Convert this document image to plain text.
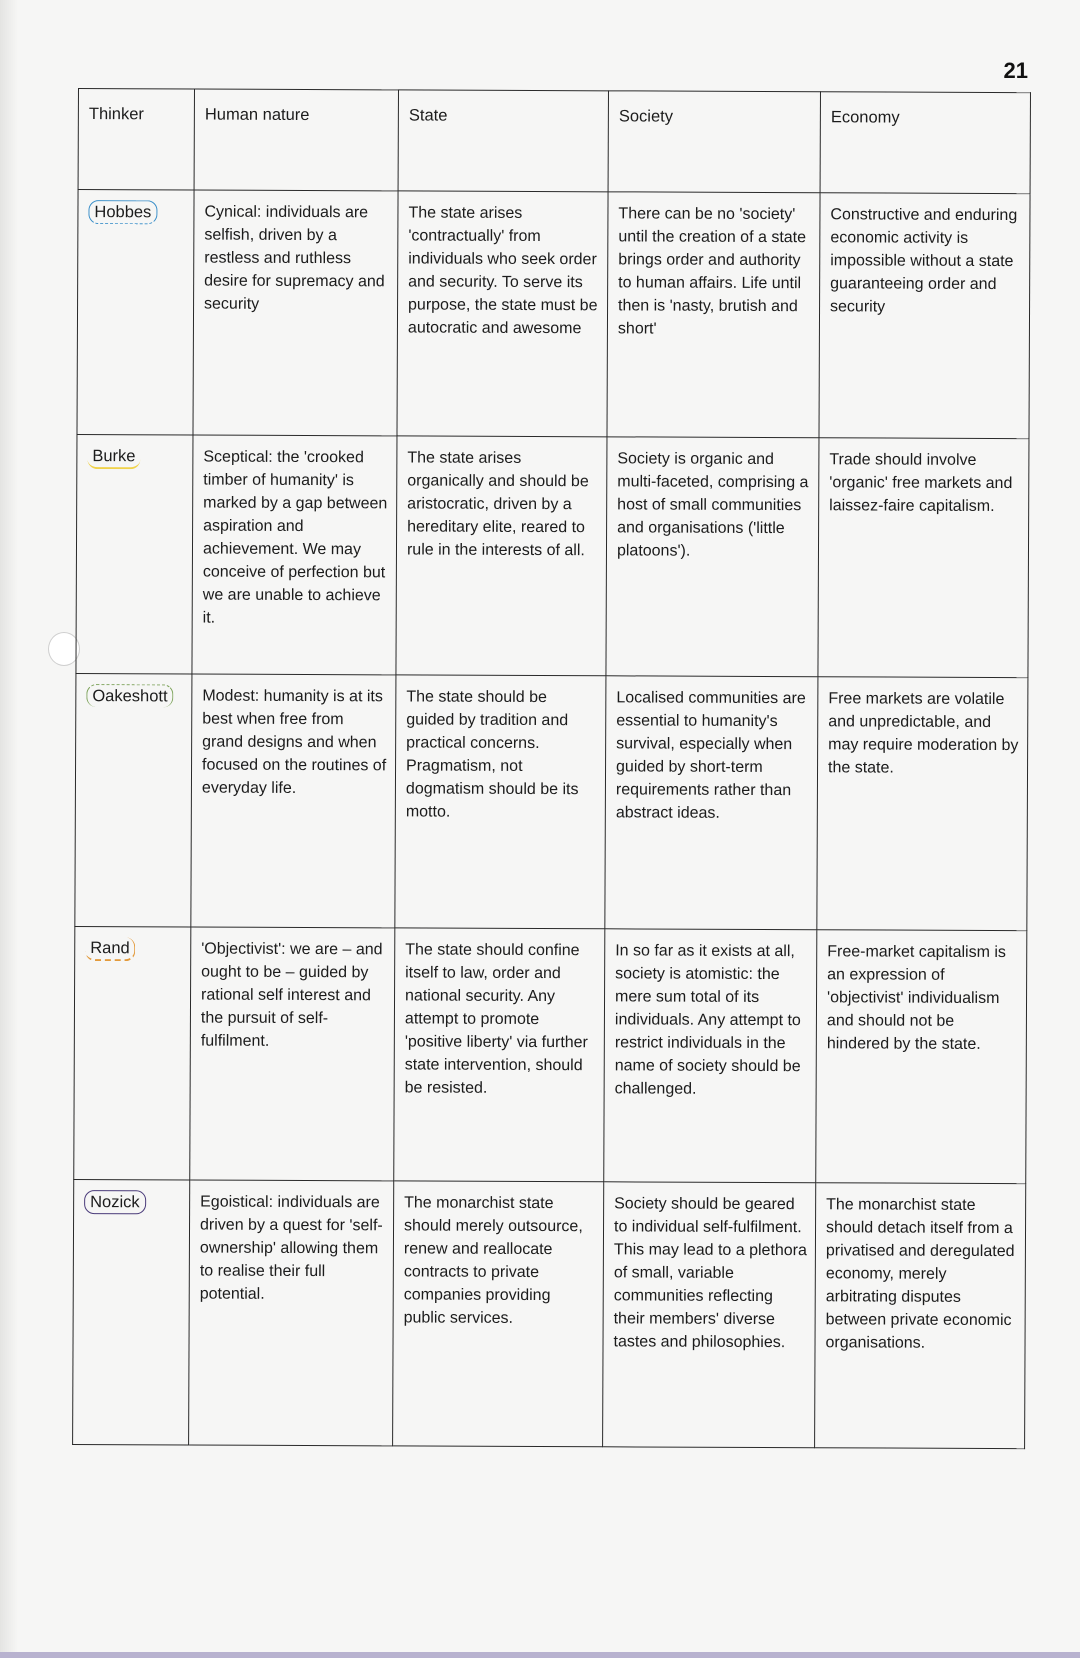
21
Thinker	Human nature	State	Society	Economy
Hobbes	Cynical: individuals are selfish, driven by a restless and ruthless desire for supremacy and security	The state arises 'contractually' from individuals who seek order and security. To serve its purpose, the state must be autocratic and awesome	There can be no 'society' until the creation of a state brings order and authority to human affairs. Life until then is 'nasty, brutish and short'	Constructive and enduring economic activity is impossible without a state guaranteeing order and security
Burke	Sceptical: the 'crooked timber of humanity' is marked by a gap between aspiration and achievement. We may conceive of perfection but we are unable to achieve it.	The state arises organically and should be aristocratic, driven by a hereditary elite, reared to rule in the interests of all.	Society is organic and multi-faceted, comprising a host of small communities and organisations ('little platoons').	Trade should involve 'organic' free markets and laissez-faire capitalism.
Oakeshott	Modest: humanity is at its best when free from grand designs and when focused on the routines of everyday life.	The state should be guided by tradition and practical concerns. Pragmatism, not dogmatism should be its motto.	Localised communities are essential to humanity's survival, especially when guided by short-term requirements rather than abstract ideas.	Free markets are volatile and unpredictable, and may require moderation by the state.
Rand	'Objectivist': we are – and ought to be – guided by rational self interest and the pursuit of self-fulfilment.	The state should confine itself to law, order and national security. Any attempt to promote 'positive liberty' via further state intervention, should be resisted.	In so far as it exists at all, society is atomistic: the mere sum total of its individuals. Any attempt to restrict individuals in the name of society should be challenged.	Free-market capitalism is an expression of 'objectivist' individualism and should not be hindered by the state.
Nozick	Egoistical: individuals are driven by a quest for 'self-ownership' allowing them to realise their full potential.	The monarchist state should merely outsource, renew and reallocate contracts to private companies providing public services.	Society should be geared to individual self-fulfilment. This may lead to a plethora of small, variable communities reflecting their members' diverse tastes and philosophies.	The monarchist state should detach itself from a privatised and deregulated economy, merely arbitrating disputes between private economic organisations.
